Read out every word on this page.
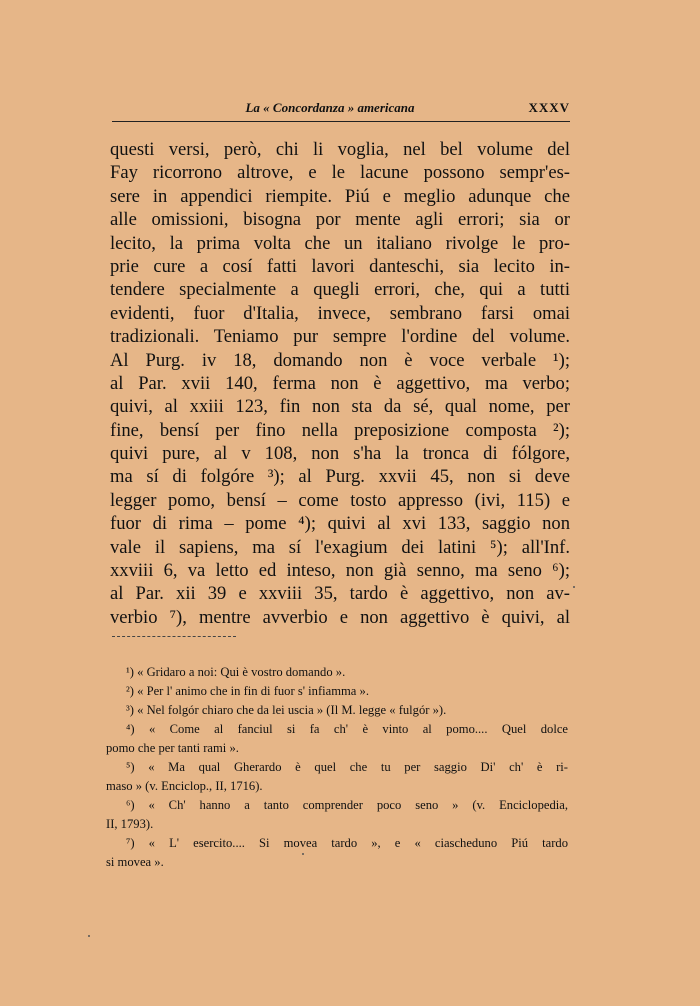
La « Concordanza » americana	XXXV
questi versi, però, chi li voglia, nel bel volume del
Fay ricorrono altrove, e le lacune possono sempr'es-
sere in appendici riempite. Piú e meglio adunque che
alle omissioni, bisogna por mente agli errori; sia or
lecito, la prima volta che un italiano rivolge le pro-
prie cure a cosí fatti lavori danteschi, sia lecito in-
tendere specialmente a quegli errori, che, qui a tutti
evidenti, fuor d'Italia, invece, sembrano farsi omai
tradizionali. Teniamo pur sempre l'ordine del volume.
Al Purg. iv 18, domando non è voce verbale ¹);
al Par. xvii 140, ferma non è aggettivo, ma verbo;
quivi, al xxiii 123, fin non sta da sé, qual nome, per
fine, bensí per fino nella preposizione composta ²);
quivi pure, al v 108, non s'ha la tronca di fólgore,
ma sí di folgóre ³); al Purg. xxvii 45, non si deve
legger pomo, bensí – come tosto appresso (ivi, 115) e
fuor di rima – pome ⁴); quivi al xvi 133, saggio non
vale il sapiens, ma sí l'exagium dei latini ⁵); all'Inf.
xxviii 6, va letto ed inteso, non già senno, ma seno ⁶);
al Par. xii 39 e xxviii 35, tardo è aggettivo, non av-
verbio ⁷), mentre avverbio e non aggettivo è quivi, al
¹) « Gridaro a noi: Qui è vostro domando ».
²) « Per l' animo che in fin di fuor s' infiamma ».
³) « Nel folgór chiaro che da lei uscia » (Il M. legge « fulgór »).
⁴) « Come al fanciul si fa ch' è vinto al pomo.... Quel dolce
pomo che per tanti rami ».
⁵) « Ma qual Gherardo è quel che tu per saggio Di' ch' è ri-
maso » (v. Enciclop., II, 1716).
⁶) « Ch' hanno a tanto comprender poco seno » (v. Enciclopedia,
II, 1793).
⁷) « L' esercito.... Si movea tardo », e « ciascheduno Piú tardo
si movea ».
